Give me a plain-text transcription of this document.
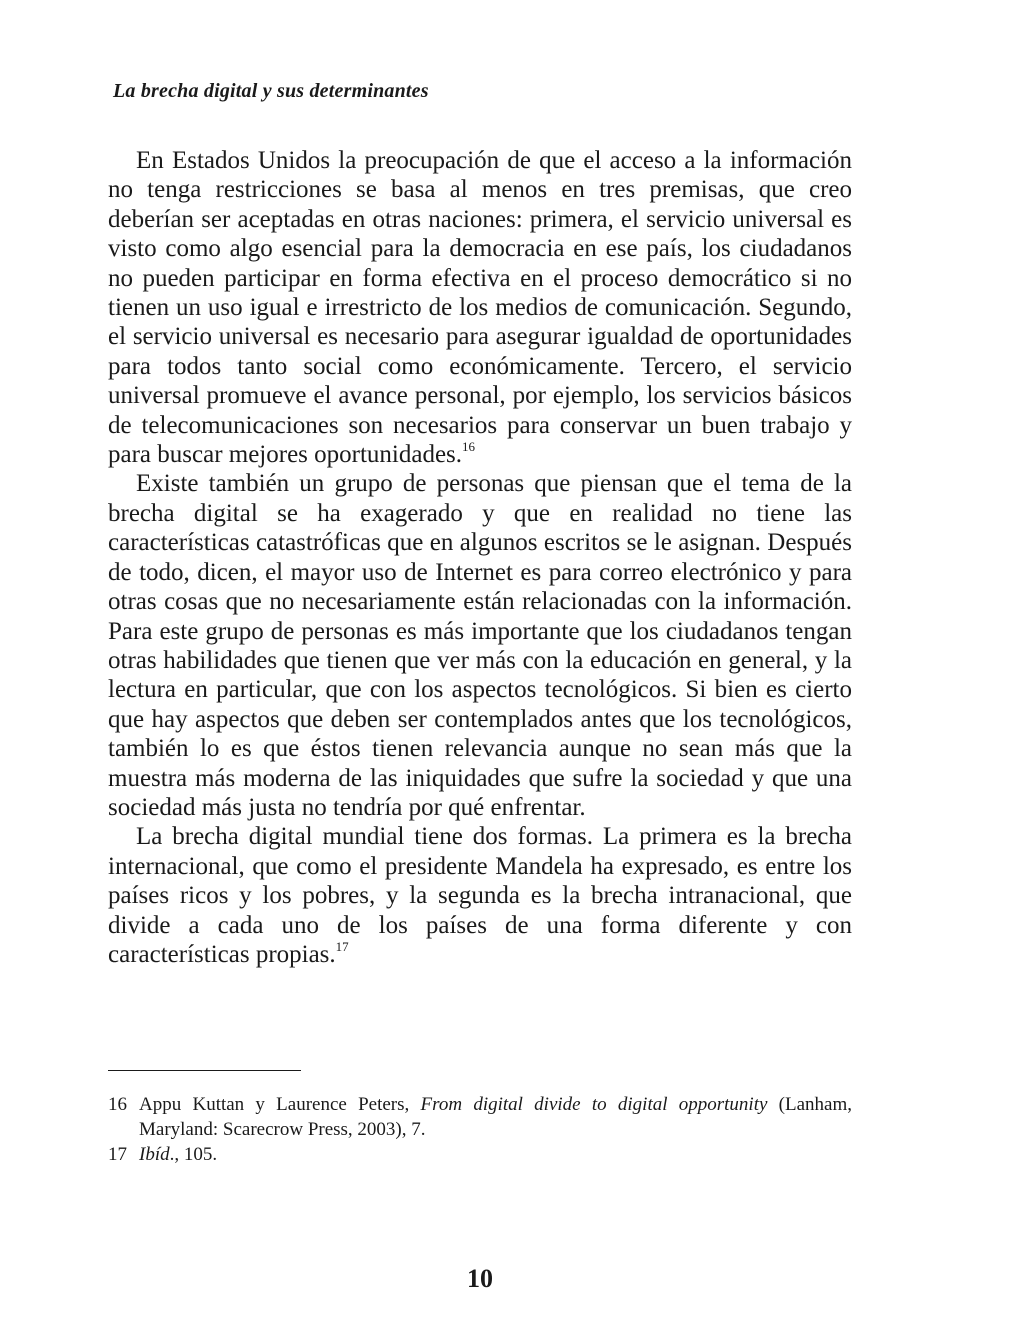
La brecha digital y sus determinantes

En Estados Unidos la preocupación de que el acceso a la información no tenga restricciones se basa al menos en tres premisas, que creo deberían ser aceptadas en otras naciones: primera, el servicio universal es visto como algo esencial para la democracia en ese país, los ciudadanos no pueden participar en forma efectiva en el proceso democrático si no tienen un uso igual e irrestricto de los medios de comunicación. Segundo, el servicio universal es necesario para asegurar igualdad de oportunidades para todos tanto social como económicamente. Tercero, el servicio universal promueve el avance personal, por ejemplo, los servicios básicos de telecomunicaciones son necesarios para conservar un buen trabajo y para buscar mejores oportunidades.$^{16}$

Existe también un grupo de personas que piensan que el tema de la brecha digital se ha exagerado y que en realidad no tiene las características catastróficas que en algunos escritos se le asignan. Después de todo, dicen, el mayor uso de Internet es para correo electrónico y para otras cosas que no necesariamente están relacionadas con la información. Para este grupo de personas es más importante que los ciudadanos tengan otras habilidades que tienen que ver más con la educación en general, y la lectura en particular, que con los aspectos tecnológicos. Si bien es cierto que hay aspectos que deben ser contemplados antes que los tecnológicos, también lo es que éstos tienen relevancia aunque no sean más que la muestra más moderna de las iniquidades que sufre la sociedad y que una sociedad más justa no tendría por qué enfrentar.

La brecha digital mundial tiene dos formas. La primera es la brecha internacional, que como el presidente Mandela ha expresado, es entre los países ricos y los pobres, y la segunda es la brecha intranacional, que divide a cada uno de los países de una forma diferente y con características propias.$^{17}$

16 Appu Kuttan y Laurence Peters, From digital divide to digital opportunity (Lanham, Maryland: Scarecrow Press, 2003), 7.
17 Ibíd., 105.
10
